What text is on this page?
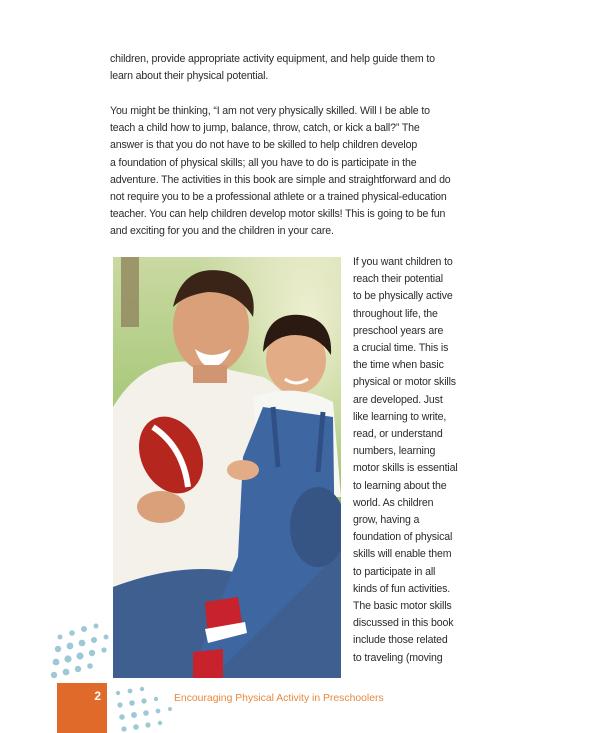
children, provide appropriate activity equipment, and help guide them to
learn about their physical potential.

You might be thinking, “I am not very physically skilled. Will I be able to
teach a child how to jump, balance, throw, catch, or kick a ball?” The
answer is that you do not have to be skilled to help children develop
a foundation of physical skills; all you have to do is participate in the
adventure. The activities in this book are simple and straightforward and do
not require you to be a professional athlete or a trained physical-education
teacher. You can help children develop motor skills! This is going to be fun
and exciting for you and the children in your care.

If you want children to
reach their potential
to be physically active
throughout life, the
preschool years are
a crucial time. This is
the time when basic
physical or motor skills
are developed. Just
like learning to write,
read, or understand
numbers, learning
motor skills is essential
to learning about the
world. As children
grow, having a
foundation of physical
skills will enable them
to participate in all
kinds of fun activities.
The basic motor skills
discussed in this book
include those related
to traveling (moving

2	Encouraging Physical Activity in Preschoolers
